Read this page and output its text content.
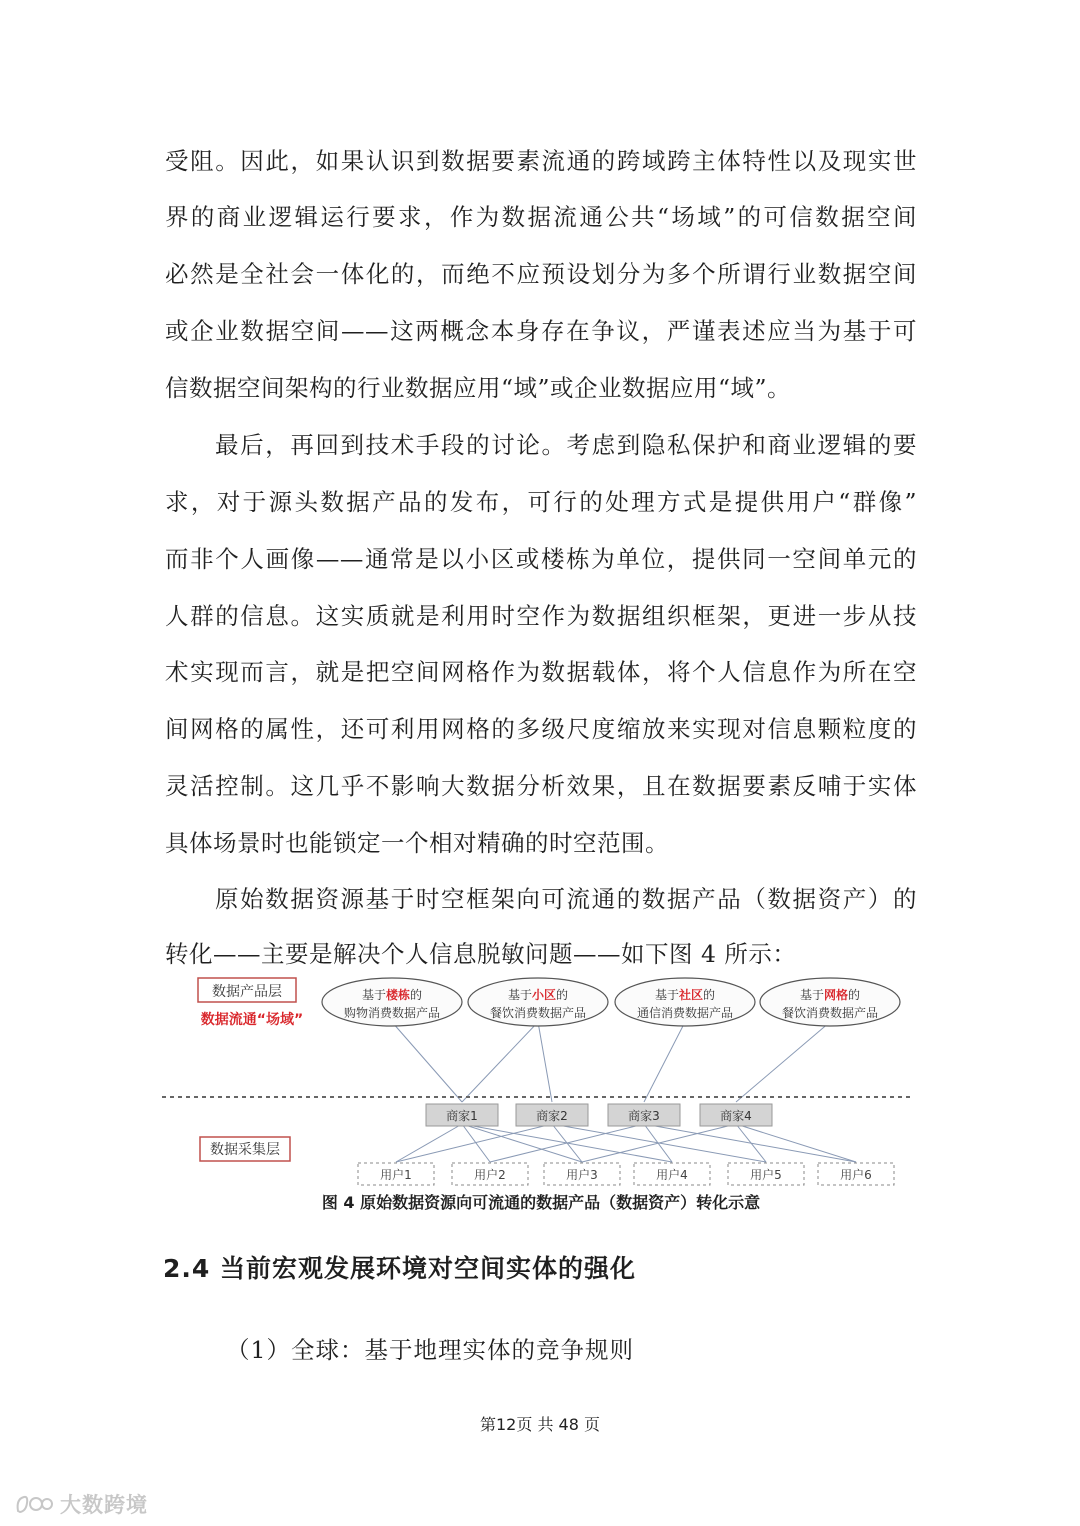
受阻。因此，如果认识到数据要素流通的跨域跨主体特性以及现实世
界的商业逻辑运行要求，作为数据流通公共“场域”的可信数据空间
必然是全社会一体化的，而绝不应预设划分为多个所谓行业数据空间
或企业数据空间——这两概念本身存在争议，严谨表述应当为基于可
信数据空间架构的行业数据应用“域”或企业数据应用“域”。
最后，再回到技术手段的讨论。考虑到隐私保护和商业逻辑的要
求，对于源头数据产品的发布，可行的处理方式是提供用户“群像”
而非个人画像——通常是以小区或楼栋为单位，提供同一空间单元的
人群的信息。这实质就是利用时空作为数据组织框架，更进一步从技
术实现而言，就是把空间网格作为数据载体，将个人信息作为所在空
间网格的属性，还可利用网格的多级尺度缩放来实现对信息颗粒度的
灵活控制。这几乎不影响大数据分析效果，且在数据要素反哺于实体
具体场景时也能锁定一个相对精确的时空范围。
原始数据资源基于时空框架向可流通的数据产品（数据资产）的
转化——主要是解决个人信息脱敏问题——如下图 4 所示：
数据产品层
数据流通“场域”
基于楼栋的
购物消费数据产品
基于小区的
餐饮消费数据产品
基于社区的
通信消费数据产品
基于网格的
餐饮消费数据产品
商家1	商家2	商家3	商家4
数据采集层
用户1	用户2	用户3	用户4	用户5	用户6
图 4 原始数据资源向可流通的数据产品（数据资产）转化示意
2.4 当前宏观发展环境对空间实体的强化
（1）全球：基于地理实体的竞争规则
第12页 共 48 页
大数跨境
